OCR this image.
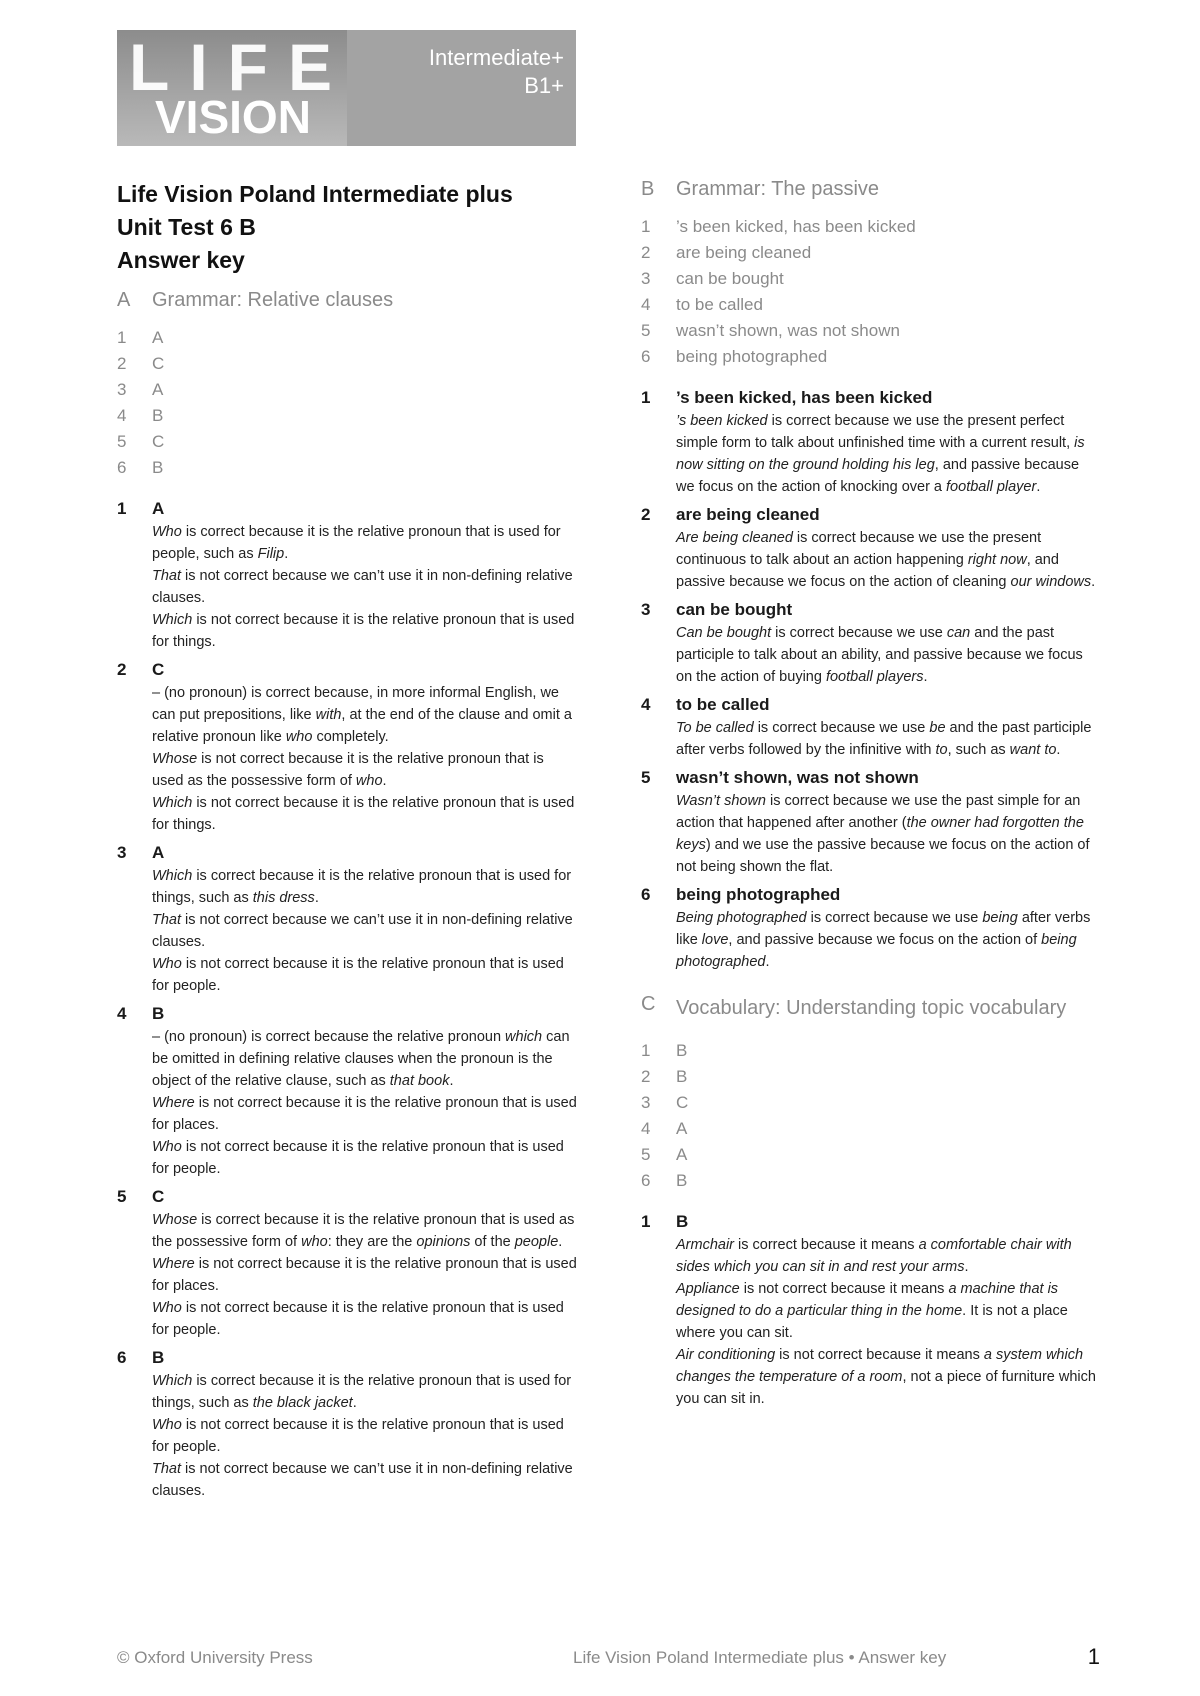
LIFE
VISION
Intermediate+
B1+
Life Vision Poland Intermediate plus
Unit Test 6 B
Answer key
A	Grammar: Relative clauses
1	A
2	C
3	A
4	B
5	C
6	B
1	A

Who is correct because it is the relative pronoun that is used for people, such as Filip.

That is not correct because we can’t use it in non-defining relative clauses.

Which is not correct because it is the relative pronoun that is used for things.

2	C

– (no pronoun) is correct because, in more informal English, we can put prepositions, like with, at the end of the clause and omit a relative pronoun like who completely.

Whose is not correct because it is the relative pronoun that is used as the possessive form of who.

Which is not correct because it is the relative pronoun that is used for things.

3	A

Which is correct because it is the relative pronoun that is used for things, such as this dress.

That is not correct because we can’t use it in non-defining relative clauses.

Who is not correct because it is the relative pronoun that is used for people.

4	B

– (no pronoun) is correct because the relative pronoun which can be omitted in defining relative clauses when the pronoun is the object of the relative clause, such as that book.

Where is not correct because it is the relative pronoun that is used for places.

Who is not correct because it is the relative pronoun that is used for people.

5	C

Whose is correct because it is the relative pronoun that is used as the possessive form of who: they are the opinions of the people.

Where is not correct because it is the relative pronoun that is used for places.

Who is not correct because it is the relative pronoun that is used for people.

6	B

Which is correct because it is the relative pronoun that is used for things, such as the black jacket.

Who is not correct because it is the relative pronoun that is used for people.

That is not correct because we can’t use it in non-defining relative clauses.

B	Grammar: The passive
1	’s been kicked, has been kicked
2	are being cleaned
3	can be bought
4	to be called
5	wasn’t shown, was not shown
6	being photographed
1	’s been kicked, has been kicked

’s been kicked is correct because we use the present perfect simple form to talk about unfinished time with a current result, is now sitting on the ground holding his leg, and passive because we focus on the action of knocking over a football player.

2	are being cleaned

Are being cleaned is correct because we use the present continuous to talk about an action happening right now, and passive because we focus on the action of cleaning our windows.

3	can be bought

Can be bought is correct because we use can and the past participle to talk about an ability, and passive because we focus on the action of buying football players.

4	to be called

To be called is correct because we use be and the past participle after verbs followed by the infinitive with to, such as want to.

5	wasn’t shown, was not shown

Wasn’t shown is correct because we use the past simple for an action that happened after another (the owner had forgotten the keys) and we use the passive because we focus on the action of not being shown the flat.

6	being photographed

Being photographed is correct because we use being after verbs like love, and passive because we focus on the action of being photographed.

C	Vocabulary: Understanding topic vocabulary
1	B
2	B
3	C
4	A
5	A
6	B
1	B

Armchair is correct because it means a comfortable chair with sides which you can sit in and rest your arms.

Appliance is not correct because it means a machine that is designed to do a particular thing in the home. It is not a place where you can sit.

Air conditioning is not correct because it means a system which changes the temperature of a room, not a piece of furniture which you can sit in.

© Oxford University Press	Life Vision Poland Intermediate plus • Answer key	1
